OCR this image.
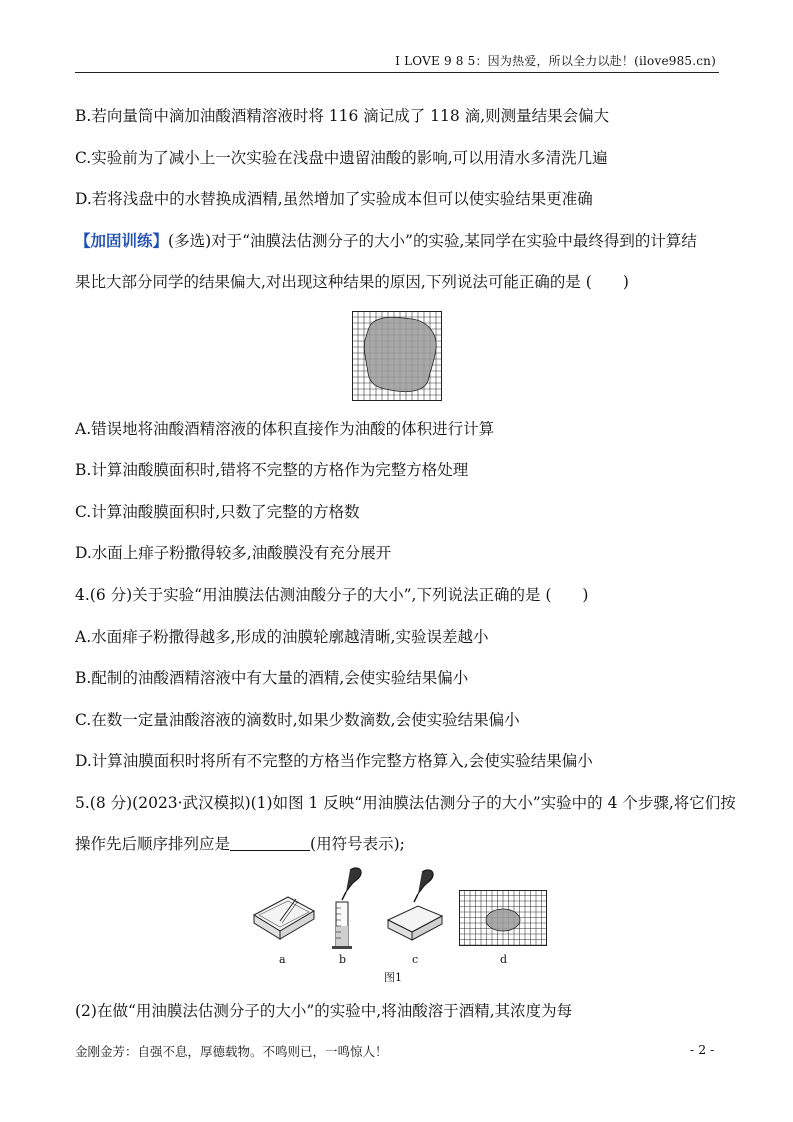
I LOVE 9 8 5：因为热爱，所以全力以赴！(ilove985.cn)
B.若向量筒中滴加油酸酒精溶液时将 116 滴记成了 118 滴,则测量结果会偏大
C.实验前为了减小上一次实验在浅盘中遗留油酸的影响,可以用清水多清洗几遍
D.若将浅盘中的水替换成酒精,虽然增加了实验成本但可以使实验结果更准确
【加固训练】(多选)对于“油膜法估测分子的大小”的实验,某同学在实验中最终得到的计算结
果比大部分同学的结果偏大,对出现这种结果的原因,下列说法可能正确的是 (　　)
A.错误地将油酸酒精溶液的体积直接作为油酸的体积进行计算
B.计算油酸膜面积时,错将不完整的方格作为完整方格处理
C.计算油酸膜面积时,只数了完整的方格数
D.水面上痱子粉撒得较多,油酸膜没有充分展开
4.(6 分)关于实验“用油膜法估测油酸分子的大小”,下列说法正确的是 (　　)
A.水面痱子粉撒得越多,形成的油膜轮廓越清晰,实验误差越小
B.配制的油酸酒精溶液中有大量的酒精,会使实验结果偏小
C.在数一定量油酸溶液的滴数时,如果少数滴数,会使实验结果偏小
D.计算油膜面积时将所有不完整的方格当作完整方格算入,会使实验结果偏小
5.(8 分)(2023·武汉模拟)(1)如图 1 反映“用油膜法估测分子的大小”实验中的 4 个步骤,将它们按
操作先后顺序排列应是	(用符号表示);
a	b	c	d
图1
(2)在做“用油膜法估测分子的大小”的实验中,将油酸溶于酒精,其浓度为每
金刚金芳：自强不息，厚德载物。不鸣则已，一鸣惊人！	- 2 -
